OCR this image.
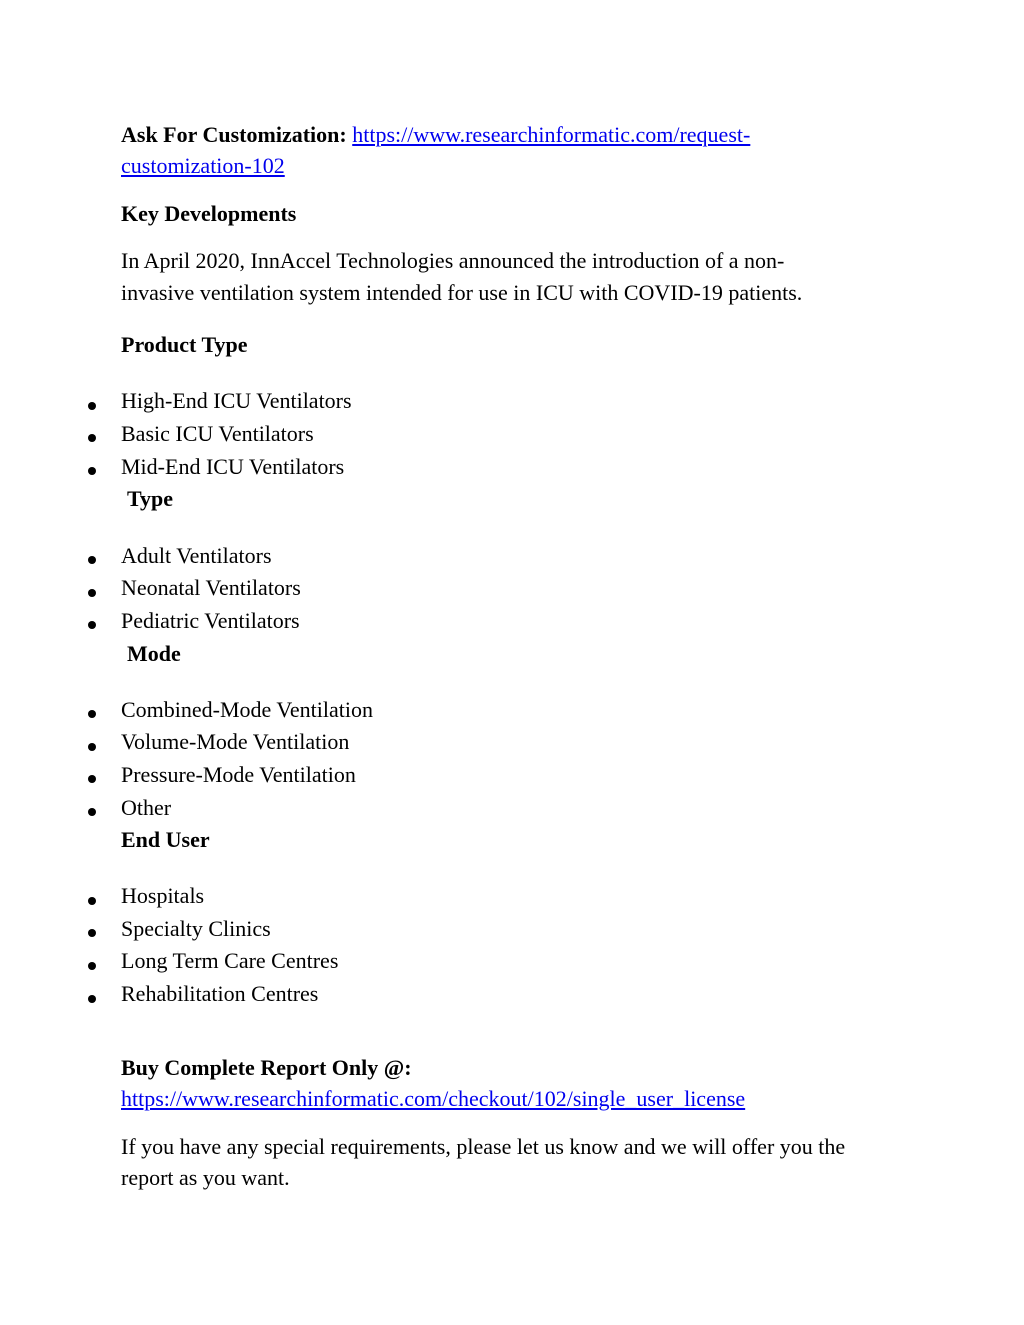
Ask For Customization: https://www.researchinformatic.com/request-
customization-102
Key Developments
In April 2020, InnAccel Technologies announced the introduction of a non-
invasive ventilation system intended for use in ICU with COVID-19 patients.
Product Type
High-End ICU Ventilators
Basic ICU Ventilators
Mid-End ICU Ventilators
Type
Adult Ventilators
Neonatal Ventilators
Pediatric Ventilators
Mode
Combined-Mode Ventilation
Volume-Mode Ventilation
Pressure-Mode Ventilation
Other
End User
Hospitals
Specialty Clinics
Long Term Care Centres
Rehabilitation Centres
Buy Complete Report Only @:
https://www.researchinformatic.com/checkout/102/single_user_license
If you have any special requirements, please let us know and we will offer you the
report as you want.
